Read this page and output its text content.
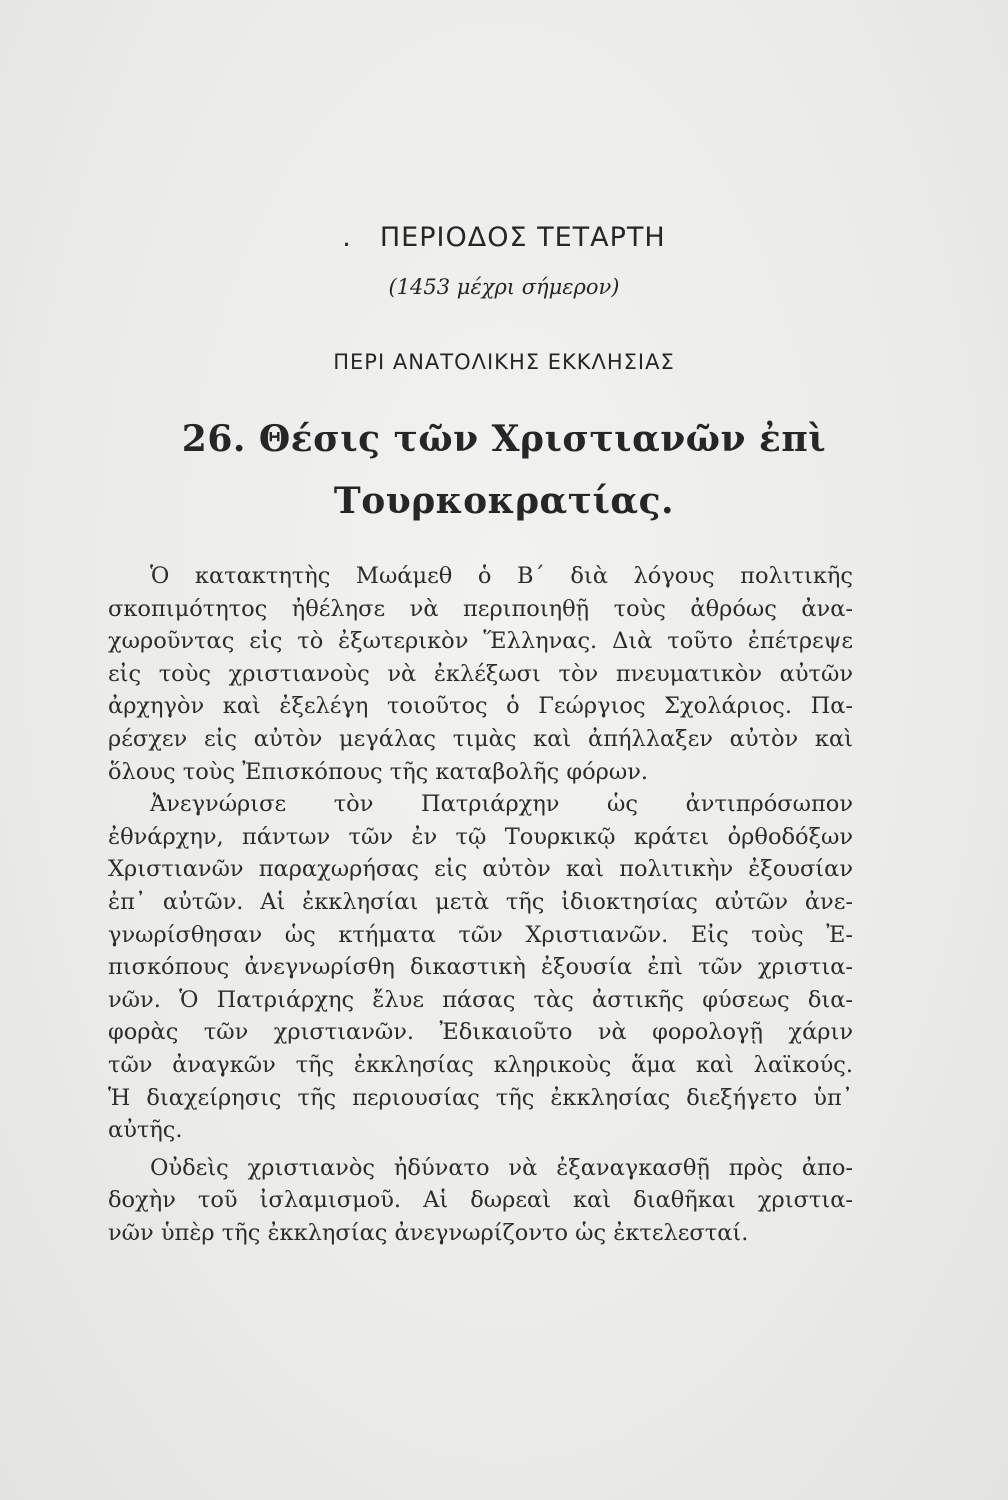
. ΠΕΡΙΟΔΟΣ ΤΕΤΑΡΤΗ
(1453 μέχρι σήμερον)
ΠΕΡΙ ΑΝΑΤΟΛΙΚΗΣ ΕΚΚΛΗΣΙΑΣ
26. Θέσις τῶν Χριστιανῶν ἐπὶ
Τουρκοκρατίας.

Ὁ κατακτητὴς Μωάμεθ ὁ Β΄ διὰ λόγους πολιτικῆς
σκοπιμότητος ἠθέλησε νὰ περιποιηθῇ τοὺς ἀθρόως ἀνα-
χωροῦντας εἰς τὸ ἐξωτερικὸν Ἕλληνας. Διὰ τοῦτο ἐπέτρεψε
εἰς τοὺς χριστιανοὺς νὰ ἐκλέξωσι τὸν πνευματικὸν αὐτῶν
ἀρχηγὸν καὶ ἐξελέγη τοιοῦτος ὁ Γεώργιος Σχολάριος. Πα-
ρέσχεν εἰς αὐτὸν μεγάλας τιμὰς καὶ ἀπήλλαξεν αὐτὸν καὶ
ὅλους τοὺς Ἐπισκόπους τῆς καταβολῆς φόρων.

Ἀνεγνώρισε τὸν Πατριάρχην ὡς ἀντιπρόσωπον
ἐθνάρχην, πάντων τῶν ἐν τῷ Τουρκικῷ κράτει ὀρθοδόξων
Χριστιανῶν παραχωρήσας εἰς αὐτὸν καὶ πολιτικὴν ἐξουσίαν
ἐπ᾽ αὐτῶν. Αἱ ἐκκλησίαι μετὰ τῆς ἰδιοκτησίας αὐτῶν ἀνε-
γνωρίσθησαν ὡς κτήματα τῶν Χριστιανῶν. Εἰς τοὺς Ἐ-
πισκόπους ἀνεγνωρίσθη δικαστικὴ ἐξουσία ἐπὶ τῶν χριστια-
νῶν. Ὁ Πατριάρχης ἔλυε πάσας τὰς ἀστικῆς φύσεως δια-
φορὰς τῶν χριστιανῶν. Ἐδικαιοῦτο νὰ φορολογῇ χάριν
τῶν ἀναγκῶν τῆς ἐκκλησίας κληρικοὺς ἅμα καὶ λαϊκούς.
Ἡ διαχείρησις τῆς περιουσίας τῆς ἐκκλησίας διεξήγετο ὑπ᾽
αὐτῆς.

Οὐδεὶς χριστιανὸς ἠδύνατο νὰ ἐξαναγκασθῇ πρὸς ἀπο-
δοχὴν τοῦ ἰσλαμισμοῦ. Αἱ δωρεαὶ καὶ διαθῆκαι χριστια-
νῶν ὑπὲρ τῆς ἐκκλησίας ἀνεγνωρίζοντο ὡς ἐκτελεσταί.
